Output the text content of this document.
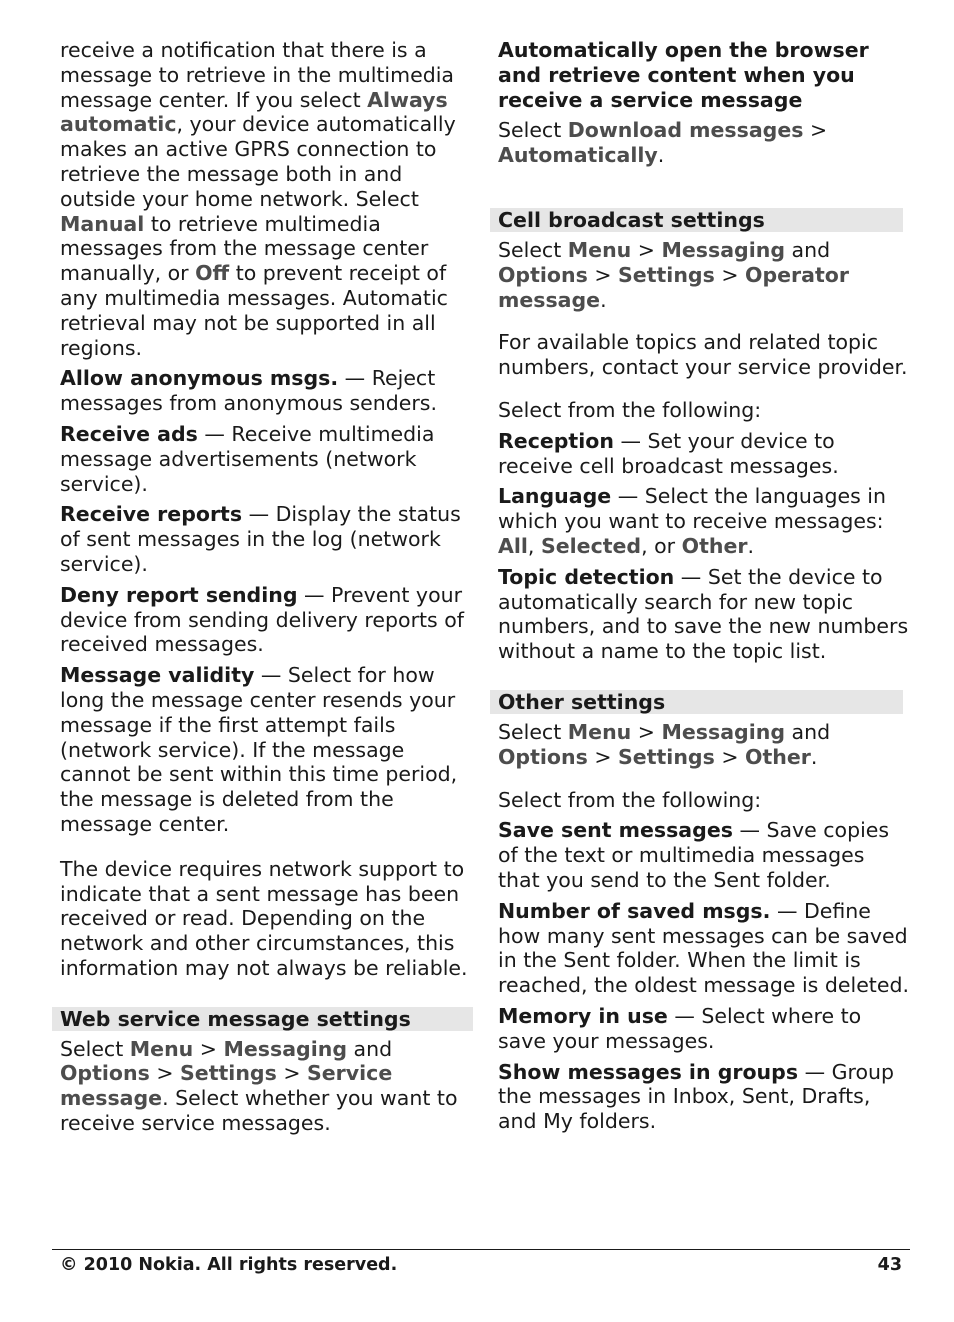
receive a notification that there is a message to retrieve in the multimedia message center. If you select Always automatic, your device automatically makes an active GPRS connection to retrieve the message both in and outside your home network. Select Manual to retrieve multimedia messages from the message center manually, or Off to prevent receipt of any multimedia messages. Automatic retrieval may not be supported in all regions.

Allow anonymous msgs. — Reject messages from anonymous senders.

Receive ads — Receive multimedia message advertisements (network service).

Receive reports — Display the status of sent messages in the log (network service).

Deny report sending — Prevent your device from sending delivery reports of received messages.

Message validity — Select for how long the message center resends your message if the first attempt fails (network service). If the message cannot be sent within this time period, the message is deleted from the message center.

The device requires network support to indicate that a sent message has been received or read. Depending on the network and other circumstances, this information may not always be reliable.

Web service message settings

Select Menu > Messaging and Options > Settings > Service message. Select whether you want to receive service messages.

Automatically open the browser and retrieve content when you receive a service message

Select Download messages > Automatically.

Cell broadcast settings

Select Menu > Messaging and Options > Settings > Operator message.

For available topics and related topic numbers, contact your service provider.

Select from the following:

Reception — Set your device to receive cell broadcast messages.

Language — Select the languages in which you want to receive messages: All, Selected, or Other.

Topic detection — Set the device to automatically search for new topic numbers, and to save the new numbers without a name to the topic list.

Other settings

Select Menu > Messaging and Options > Settings > Other.

Select from the following:

Save sent messages — Save copies of the text or multimedia messages that you send to the Sent folder.

Number of saved msgs. — Define how many sent messages can be saved in the Sent folder. When the limit is reached, the oldest message is deleted.

Memory in use — Select where to save your messages.

Show messages in groups — Group the messages in Inbox, Sent, Drafts, and My folders.

© 2010 Nokia. All rights reserved.	43
